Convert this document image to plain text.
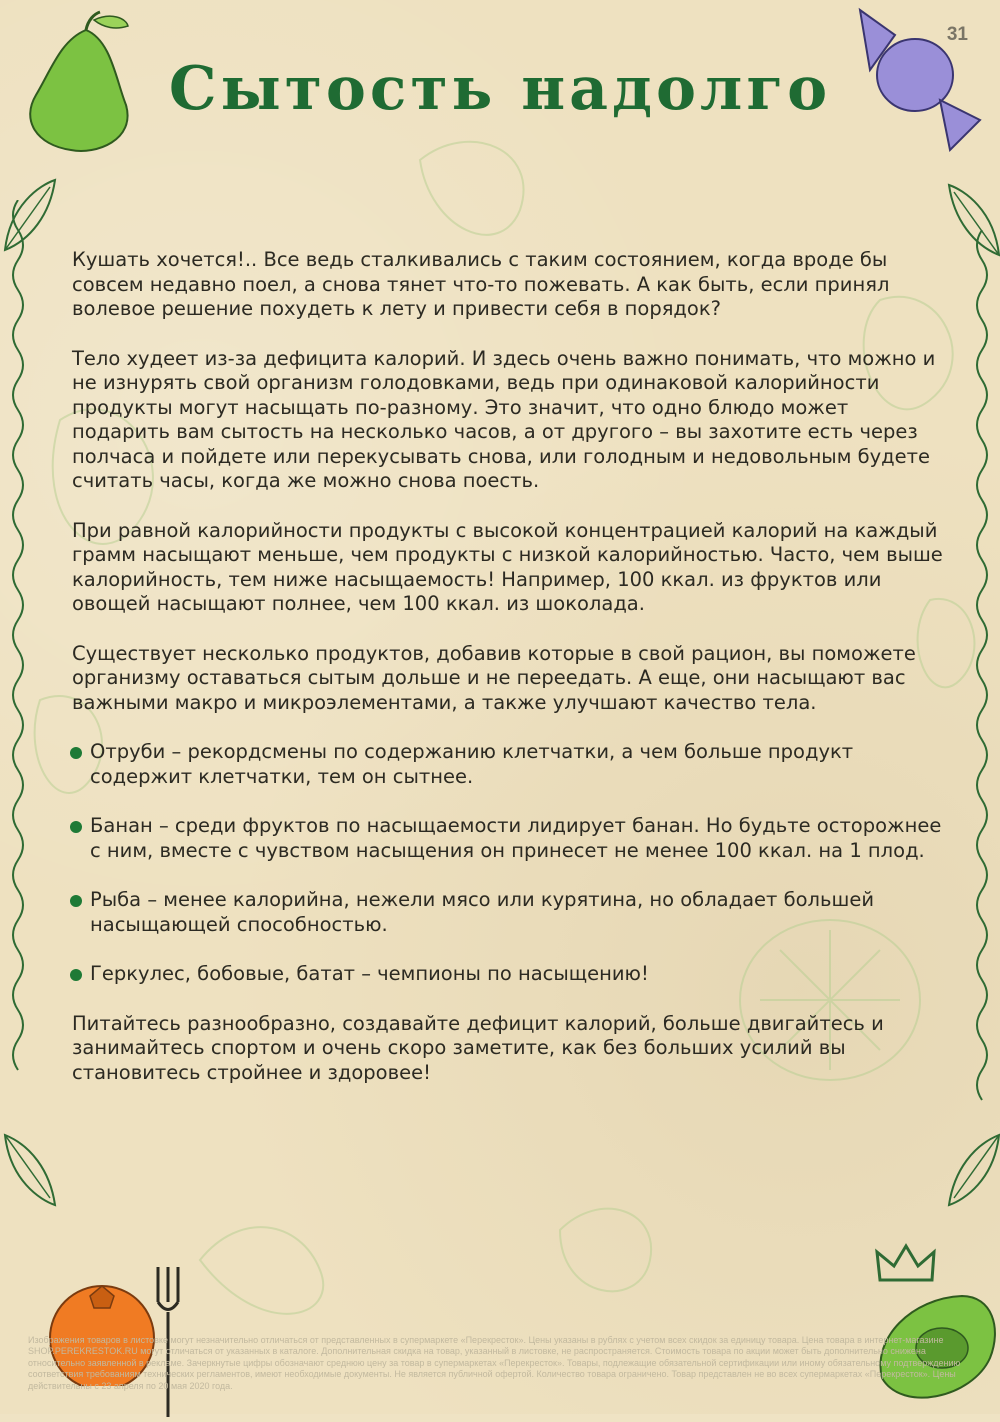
31
Сытость надолго

Кушать хочется!.. Все ведь сталкивались с таким состоянием, когда вроде бы совсем недавно поел, а снова тянет что-то пожевать. А как быть, если принял волевое решение похудеть к лету и привести себя в порядок?

Тело худеет из-за дефицита калорий. И здесь очень важно понимать, что можно и не изнурять свой организм голодовками, ведь при одинаковой калорийности продукты могут насыщать по-разному. Это значит, что одно блюдо может подарить вам сытость на несколько часов, а от другого – вы захотите есть через полчаса и пойдете или перекусывать снова, или голодным и недовольным будете считать часы, когда же можно снова поесть.

При равной калорийности продукты с высокой концентрацией калорий на каждый грамм насыщают меньше, чем продукты с низкой калорийностью. Часто, чем выше калорийность, тем ниже насыщаемость! Например, 100 ккал. из фруктов или овощей насыщают полнее, чем 100 ккал. из шоколада.

Существует несколько продуктов, добавив которые в свой рацион, вы поможете организму оставаться сытым дольше и не переедать. А еще, они насыщают вас важными макро и микроэлементами, а также улучшают качество тела.

Отруби – рекордсмены по содержанию клетчатки, а чем больше продукт содержит клетчатки, тем он сытнее.
Банан – среди фруктов по насыщаемости лидирует банан. Но будьте осторожнее с ним, вместе с чувством насыщения он принесет не менее 100 ккал. на 1 плод.
Рыба – менее калорийна, нежели мясо или курятина, но обладает большей насыщающей способностью.
Геркулес, бобовые, батат – чемпионы по насыщению!

Питайтесь разнообразно, создавайте дефицит калорий, больше двигайтесь и занимайтесь спортом и очень скоро заметите, как без больших усилий вы становитесь стройнее и здоровее!

Изображения товаров в листовке могут незначительно отличаться от представленных в супермаркете «Перекресток». Цены указаны в рублях с учетом всех скидок за единицу товара. Цена товара в интернет-магазине SHOP.PEREKRESTOK.RU могут отличаться от указанных в каталоге. Дополнительная скидка на товар, указанный в листовке, не распространяется. Стоимость товара по акции может быть дополнительно снижена относительно заявленной в рекламе. Зачеркнутые цифры обозначают среднюю цену за товар в супермаркетах «Перекресток». Товары, подлежащие обязательной сертификации или иному обязательному подтверждению соответствия требованиям технических регламентов, имеют необходимые документы. Не является публичной офертой. Количество товара ограничено. Товар представлен не во всех супермаркетах «Перекресток». Цены действительны с 23 апреля по 20 мая 2020 года.
